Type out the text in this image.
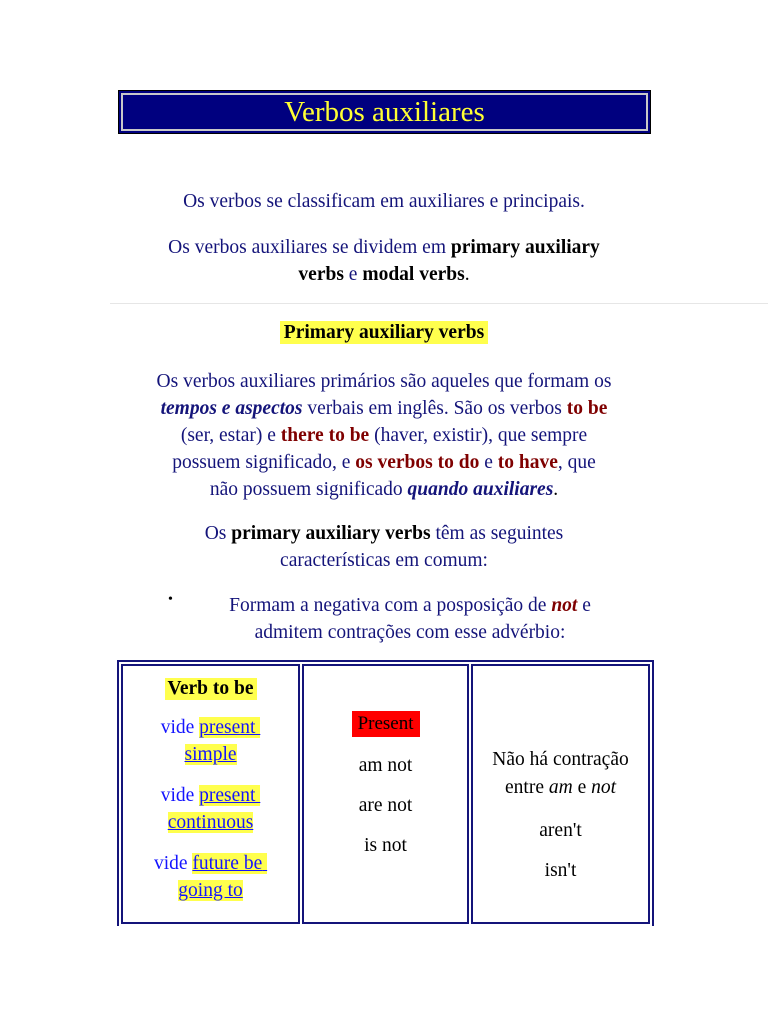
Verbos auxiliares
Os verbos se classificam em auxiliares e principais.
Os verbos auxiliares se dividem em primary auxiliary
verbs e modal verbs.
Primary auxiliary verbs
Os verbos auxiliares primários são aqueles que formam os
tempos e aspectos verbais em inglês. São os verbos to be
(ser, estar) e there to be (haver, existir), que sempre
possuem significado, e os verbos to do e to have, que
não possuem significado quando auxiliares.
Os primary auxiliary verbs têm as seguintes
características em comum:
•	Formam a negativa com a posposição de not e
admitem contrações com esse advérbio:
Verb to be
vide present
simple
vide present
continuous
vide future be
going to

Present
am not
are not
is not

Não há contração
entre am e not
aren't
isn't
